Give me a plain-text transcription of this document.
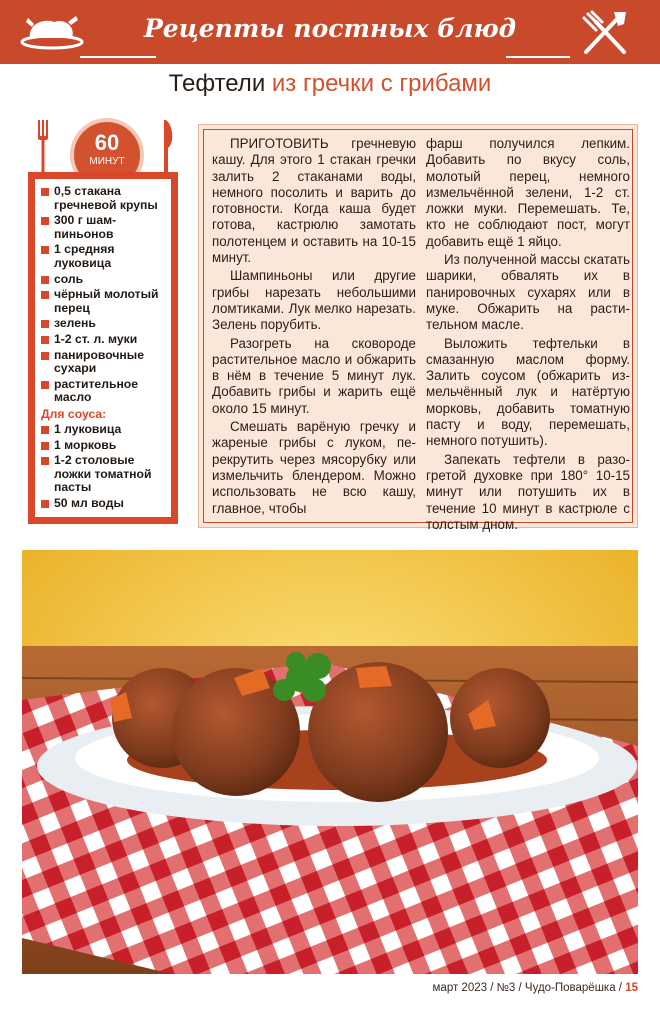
Рецепты постных блюд
Тефтели из гречки с грибами
60
МИНУТ
0,5 стакана гречневой крупы
300 г шампиньонов
1 средняя луковица
соль
чёрный молотый перец
зелень
1-2 ст. л. муки
панировочные сухари
растительное масло
Для соуса:
1 луковица
1 морковь
1-2 столовые ложки томатной пасты
50 мл воды

ПРИГОТОВИТЬ гречневую кашу. Для этого 1 стакан гречки залить 2 стаканами воды, немного посолить и варить до готовности. Когда каша будет готова, кастрюлю замотать полотенцем и оставить на 10-15 минут.

Шампиньоны или другие грибы нарезать небольшими ломтиками. Лук мелко нарезать. Зелень порубить.

Разогреть на сковороде растительное масло и обжарить в нём в течение 5 минут лук. Добавить грибы и жарить ещё около 15 минут.

Смешать варёную гречку и жареные грибы с луком, перекрутить через мясорубку или измельчить блендером. Можно использовать не всю кашу, главное, чтобы

фарш получился лепким. Добавить по вкусу соль, молотый перец, немного измельчённой зелени, 1-2 ст. ложки муки. Перемешать. Те, кто не соблюдают пост, могут добавить ещё 1 яйцо.

Из полученной массы скатать шарики, обвалять их в панировочных сухарях или в муке. Обжарить на растительном масле.

Выложить тефтельки в смазанную маслом форму. Залить соусом (обжарить измельчённый лук и натёртую морковь, добавить томатную пасту и воду, перемешать, немного потушить).

Запекать тефтели в разогретой духовке при 180° 10-15 минут или потушить их в течение 10 минут в кастрюле с толстым дном.

март 2023 / №3 / Чудо-Поварёшка / 15
